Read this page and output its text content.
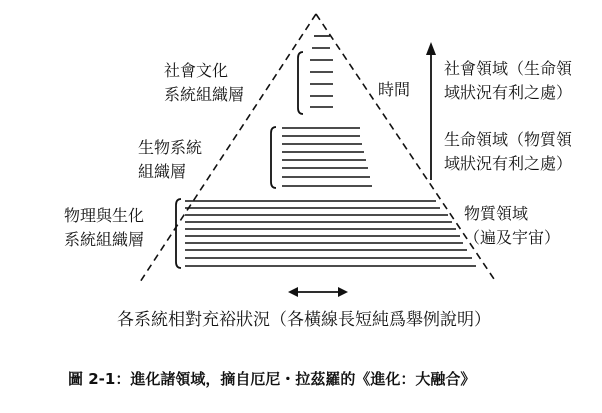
社會文化
系統組織層
生物系統
組織層
物理與生化
系統組織層
時間
社會領域（生命領
域狀況有利之處）
生命領域（物質領
域狀況有利之處）
物質領域
（遍及宇宙）
各系統相對充裕狀況（各橫線長短純爲舉例說明）
圖 2-1：進化諸領域，摘自厄尼・拉茲羅的《進化：大融合》
